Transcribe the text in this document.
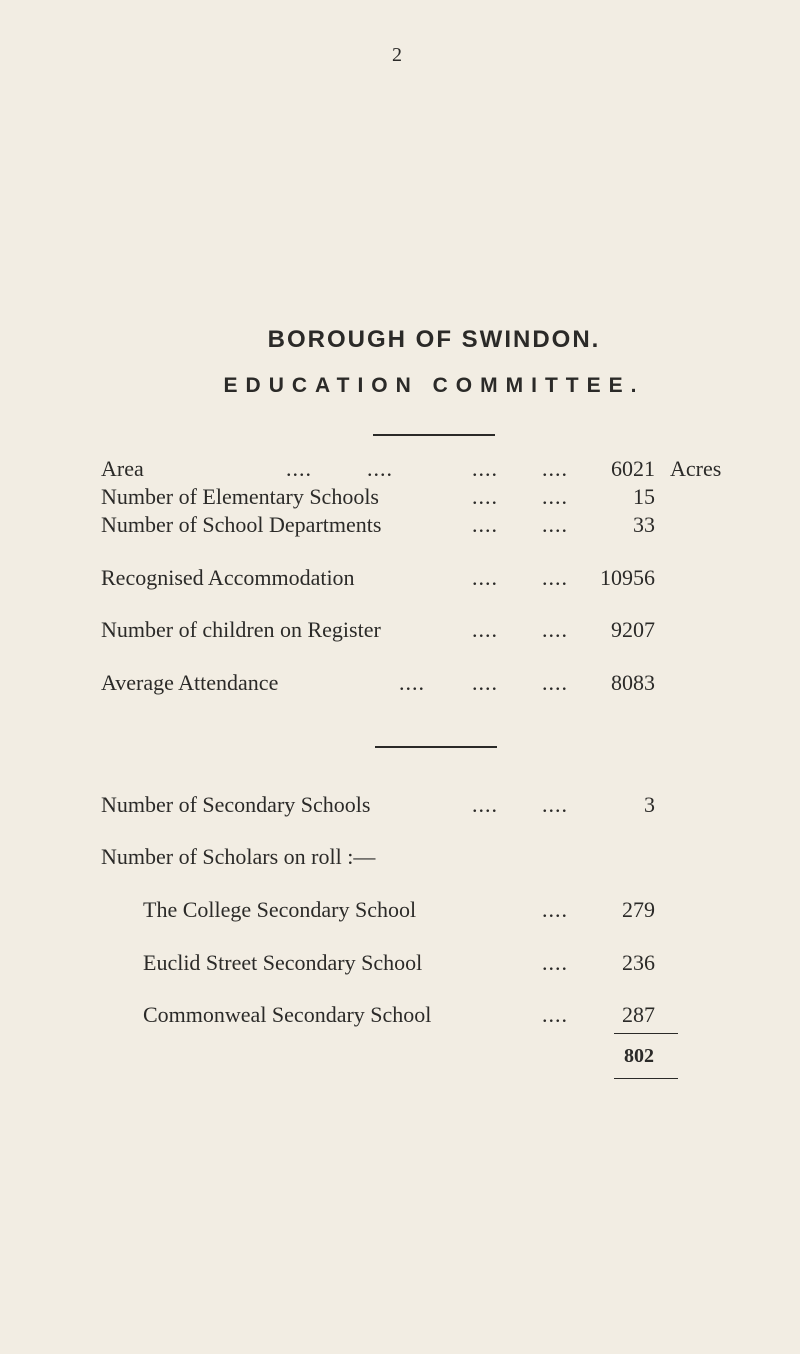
2
BOROUGH OF SWINDON.
EDUCATION COMMITTEE.
Area	....	....	.... ....	6021 Acres
Number of Elementary Schools	.... ....	15
Number of School Departments	.... ....	33
Recognised Accommodation	.... ....	10956
Number of children on Register	.... ....	9207
Average Attendance	.... .... ....	8083
Number of Secondary Schools	.... ....	3
Number of Scholars on roll :—
The College Secondary School	....	279
Euclid Street Secondary School	....	236
Commonweal Secondary School	....	287
802
